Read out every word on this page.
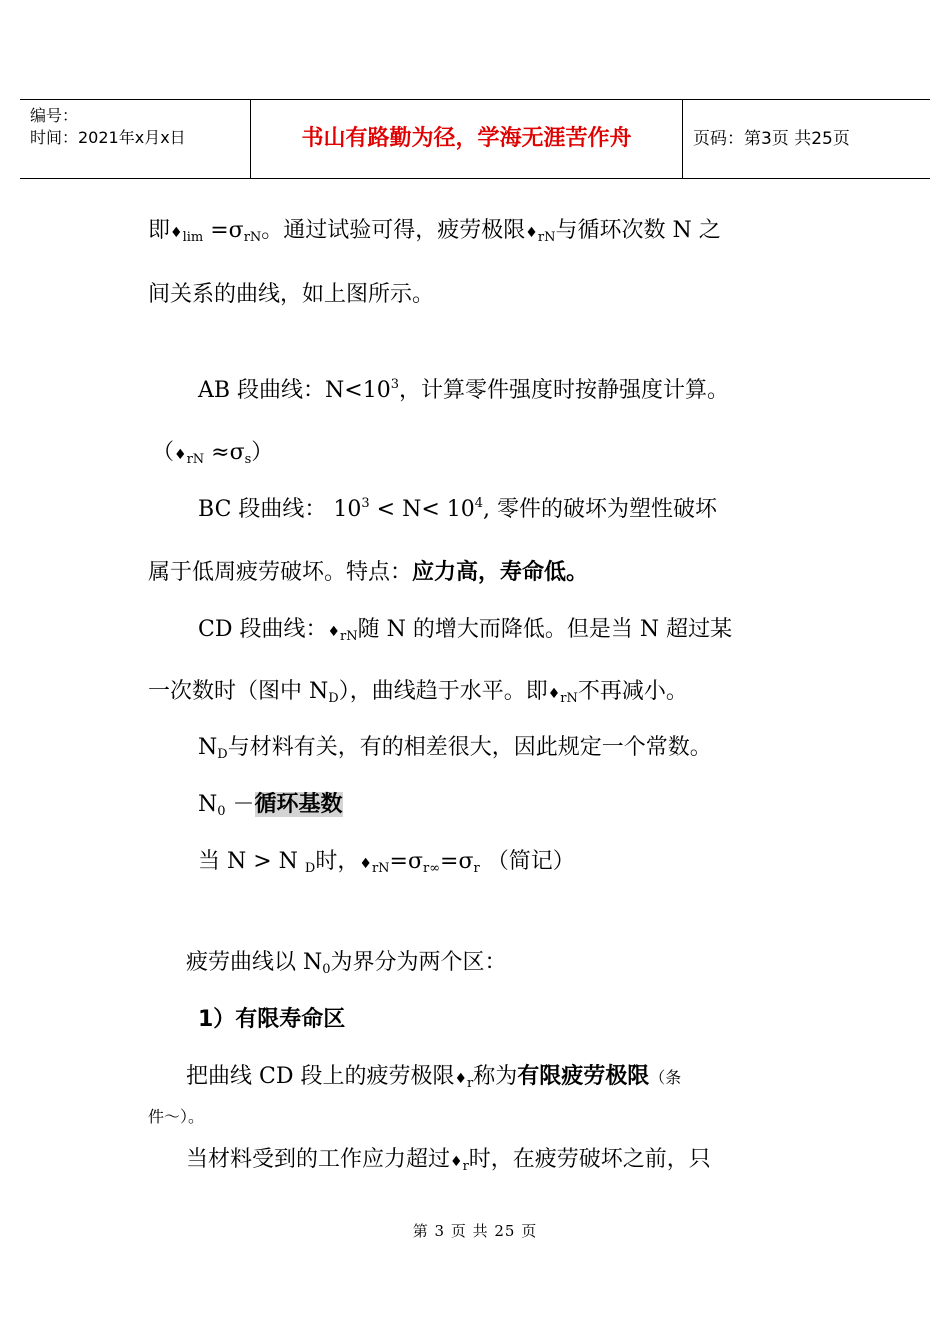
编号：
时间：2021年x月x日	书山有路勤为径，学海无涯苦作舟	页码：第3页 共25页
即♦lim =σrN。通过试验可得，疲劳极限♦rN与循环次数 N 之
间关系的曲线，如上图所示。
AB 段曲线：$N<10^3$，计算零件强度时按静强度计算。
（♦rN ≈σs）
BC 段曲线： $10^3 < N< 10^4$, 零件的破坏为塑性破坏
属于低周疲劳破坏。特点：应力高，寿命低。
CD 段曲线：♦rN随 N 的增大而降低。但是当 N 超过某
一次数时（图中 ND），曲线趋于水平。即♦rN不再减小。
ND与材料有关，有的相差很大，因此规定一个常数。
N0 －循环基数
当 N > N D时，♦rN=σr∞=σr （简记）
疲劳曲线以 N0为界分为两个区：
1）有限寿命区
把曲线 CD 段上的疲劳极限♦r称为有限疲劳极限（条
件～）。
当材料受到的工作应力超过♦r时，在疲劳破坏之前，只
第 3 页 共 25 页
